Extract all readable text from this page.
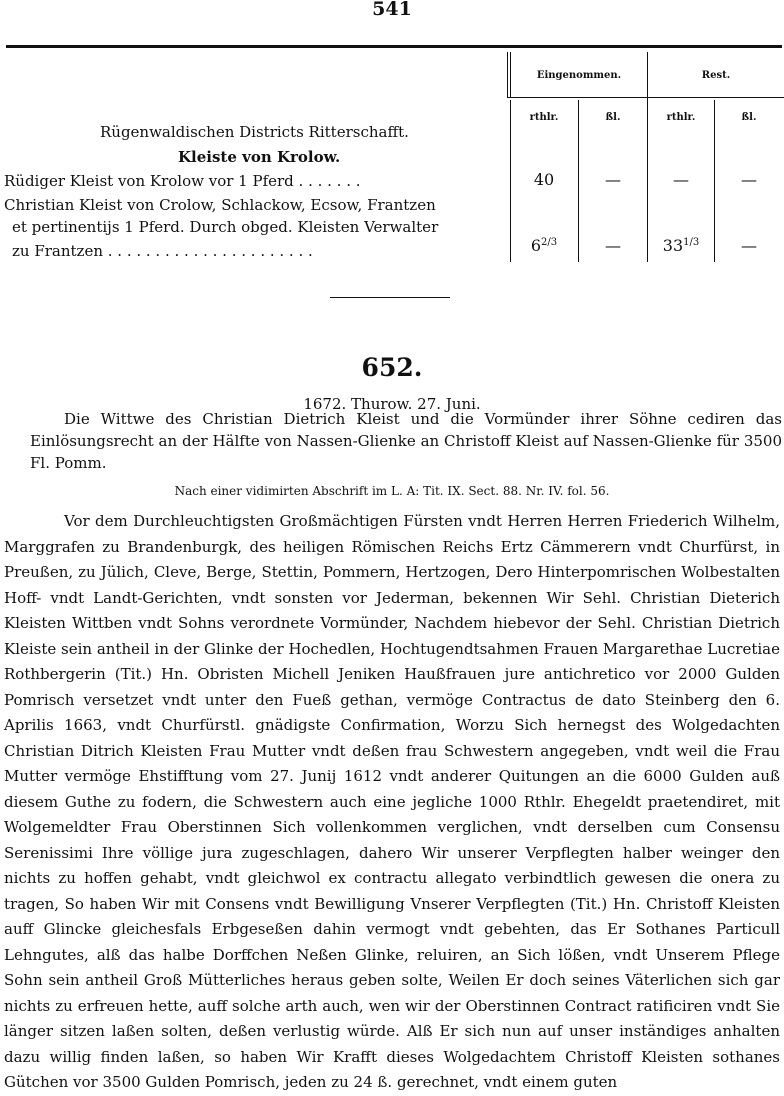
541
Eingenommen.	Rest.
rthlr.	ßl.	rthlr.	ßl.
Rügenwaldischen Districts Ritterschafft.
Kleiste von Krolow.
Rüdiger Kleist von Krolow vor 1 Pferd . . . . . . .	40	—	—	—
Christian Kleist von Crolow, Schlackow, Ecsow, Frantzen
et pertinentijs 1 Pferd. Durch obged. Kleisten Verwalter
zu Frantzen . . . . . . . . . . . . . . . . . . . . . .	$6^{2/3}$	—	$33^{1/3}$	—
652.
1672. Thurow. 27. Juni.
Die Wittwe des Christian Dietrich Kleist und die Vormünder ihrer Söhne cediren das Einlösungsrecht an der Hälfte von Nassen-Glienke an Christoff Kleist auf Nassen-Glienke für 3500 Fl. Pomm.
Nach einer vidimirten Abschrift im L. A: Tit. IX. Sect. 88. Nr. IV. fol. 56.
Vor dem Durchleuchtigsten Großmächtigen Fürsten vndt Herren Herren Friederich Wilhelm, Marggrafen zu Brandenburgk, des heiligen Römischen Reichs Ertz Cämmerern vndt Churfürst, in Preußen, zu Jülich, Cleve, Berge, Stettin, Pommern, Hertzogen, Dero Hinterpomrischen Wolbestalten Hoff- vndt Landt-Gerichten, vndt sonsten vor Jederman, bekennen Wir Sehl. Christian Dieterich Kleisten Wittben vndt Sohns verordnete Vormünder, Nachdem hiebevor der Sehl. Christian Dietrich Kleiste sein antheil in der Glinke der Hochedlen, Hochtugendtsahmen Frauen Margarethae Lucretiae Rothbergerin (Tit.) Hn. Obristen Michell Jeniken Haußfrauen jure antichretico vor 2000 Gulden Pomrisch versetzet vndt unter den Fueß gethan, vermöge Contractus de dato Steinberg den 6. Aprilis 1663, vndt Churfürstl. gnädigste Confirmation, Worzu Sich hernegst des Wolgedachten Christian Ditrich Kleisten Frau Mutter vndt deßen frau Schwestern angegeben, vndt weil die Frau Mutter vermöge Ehstifftung vom 27. Junij 1612 vndt anderer Quitungen an die 6000 Gulden auß diesem Guthe zu fodern, die Schwestern auch eine jegliche 1000 Rthlr. Ehegeldt praetendiret, mit Wolgemeldter Frau Oberstinnen Sich vollenkommen verglichen, vndt derselben cum Consensu Serenissimi Ihre völlige jura zugeschlagen, dahero Wir unserer Verpflegten halber weinger den nichts zu hoffen gehabt, vndt gleichwol ex contractu allegato verbindtlich gewesen die onera zu tragen, So haben Wir mit Consens vndt Bewilligung Vnserer Verpflegten (Tit.) Hn. Christoff Kleisten auff Glincke gleichesfals Erbgeseßen dahin vermogt vndt gebehten, das Er Sothanes Particull Lehngutes, alß das halbe Dorffchen Neßen Glinke, reluiren, an Sich lößen, vndt Unserem Pflege Sohn sein antheil Groß Mütterliches heraus geben solte, Weilen Er doch seines Väterlichen sich gar nichts zu erfreuen hette, auff solche arth auch, wen wir der Oberstinnen Contract ratificiren vndt Sie länger sitzen laßen solten, deßen verlustig würde. Alß Er sich nun auf unser inständiges anhalten dazu willig finden laßen, so haben Wir Krafft dieses Wolgedachtem Christoff Kleisten sothanes Gütchen vor 3500 Gulden Pomrisch, jeden zu 24 ß. gerechnet, vndt einem guten
